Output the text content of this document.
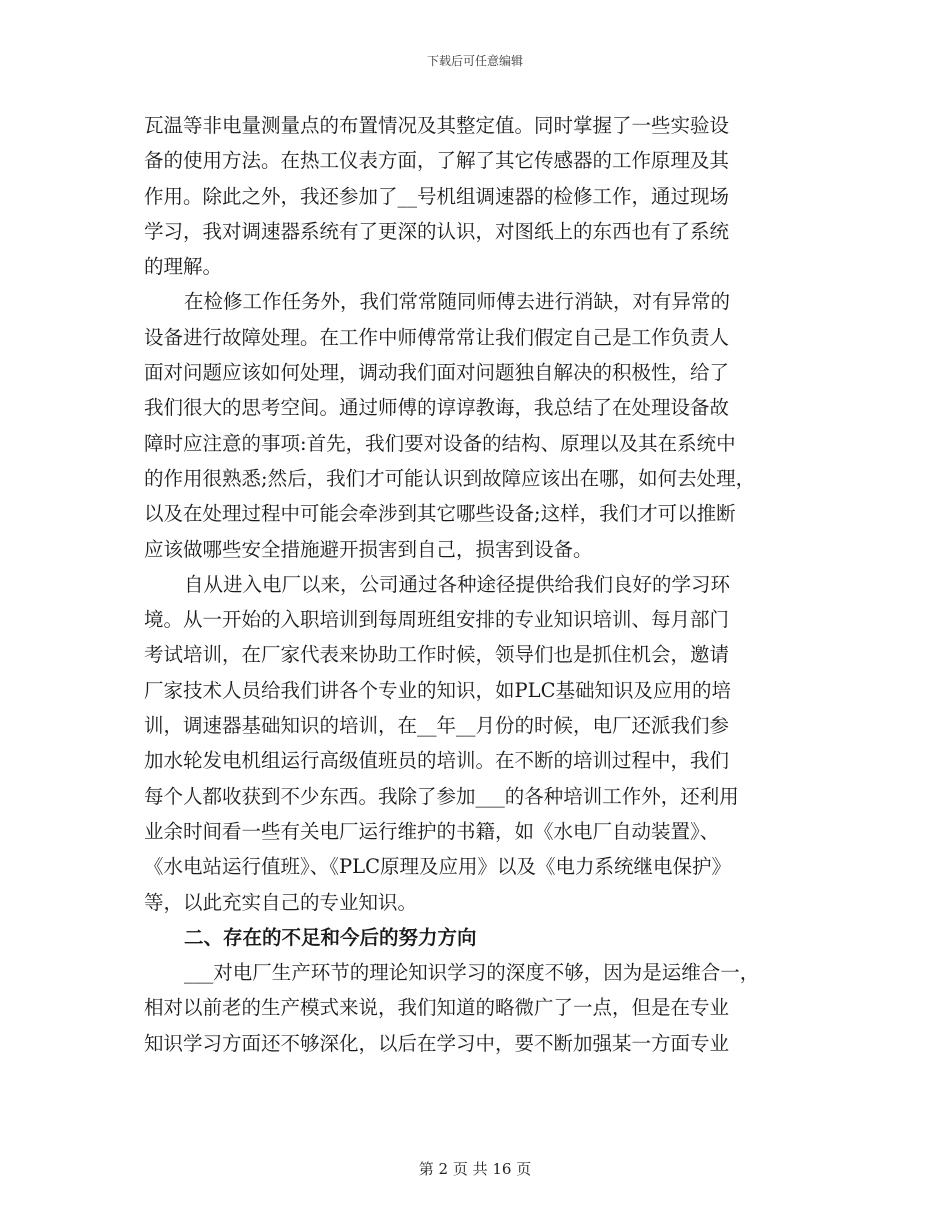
下载后可任意编辑
瓦温等非电量测量点的布置情况及其整定值。同时掌握了一些实验设
备的使用方法。在热工仪表方面，了解了其它传感器的工作原理及其
作用。除此之外，我还参加了__号机组调速器的检修工作，通过现场
学习，我对调速器系统有了更深的认识，对图纸上的东西也有了系统
的理解。
在检修工作任务外，我们常常随同师傅去进行消缺，对有异常的
设备进行故障处理。在工作中师傅常常让我们假定自己是工作负责人
面对问题应该如何处理，调动我们面对问题独自解决的积极性，给了
我们很大的思考空间。通过师傅的谆谆教诲，我总结了在处理设备故
障时应注意的事项:首先，我们要对设备的结构、原理以及其在系统中
的作用很熟悉;然后，我们才可能认识到故障应该出在哪，如何去处理，
以及在处理过程中可能会牵涉到其它哪些设备;这样，我们才可以推断
应该做哪些安全措施避开损害到自己，损害到设备。
自从进入电厂以来，公司通过各种途径提供给我们良好的学习环
境。从一开始的入职培训到每周班组安排的专业知识培训、每月部门
考试培训，在厂家代表来协助工作时候，领导们也是抓住机会，邀请
厂家技术人员给我们讲各个专业的知识，如PLC基础知识及应用的培
训，调速器基础知识的培训，在__年__月份的时候，电厂还派我们参
加水轮发电机组运行高级值班员的培训。在不断的培训过程中，我们
每个人都收获到不少东西。我除了参加___的各种培训工作外，还利用
业余时间看一些有关电厂运行维护的书籍，如《水电厂自动装置》、
《水电站运行值班》、《PLC原理及应用》以及《电力系统继电保护》
等，以此充实自己的专业知识。
二、存在的不足和今后的努力方向
___对电厂生产环节的理论知识学习的深度不够，因为是运维合一，
相对以前老的生产模式来说，我们知道的略微广了一点，但是在专业
知识学习方面还不够深化，以后在学习中，要不断加强某一方面专业
第 2 页 共 16 页
